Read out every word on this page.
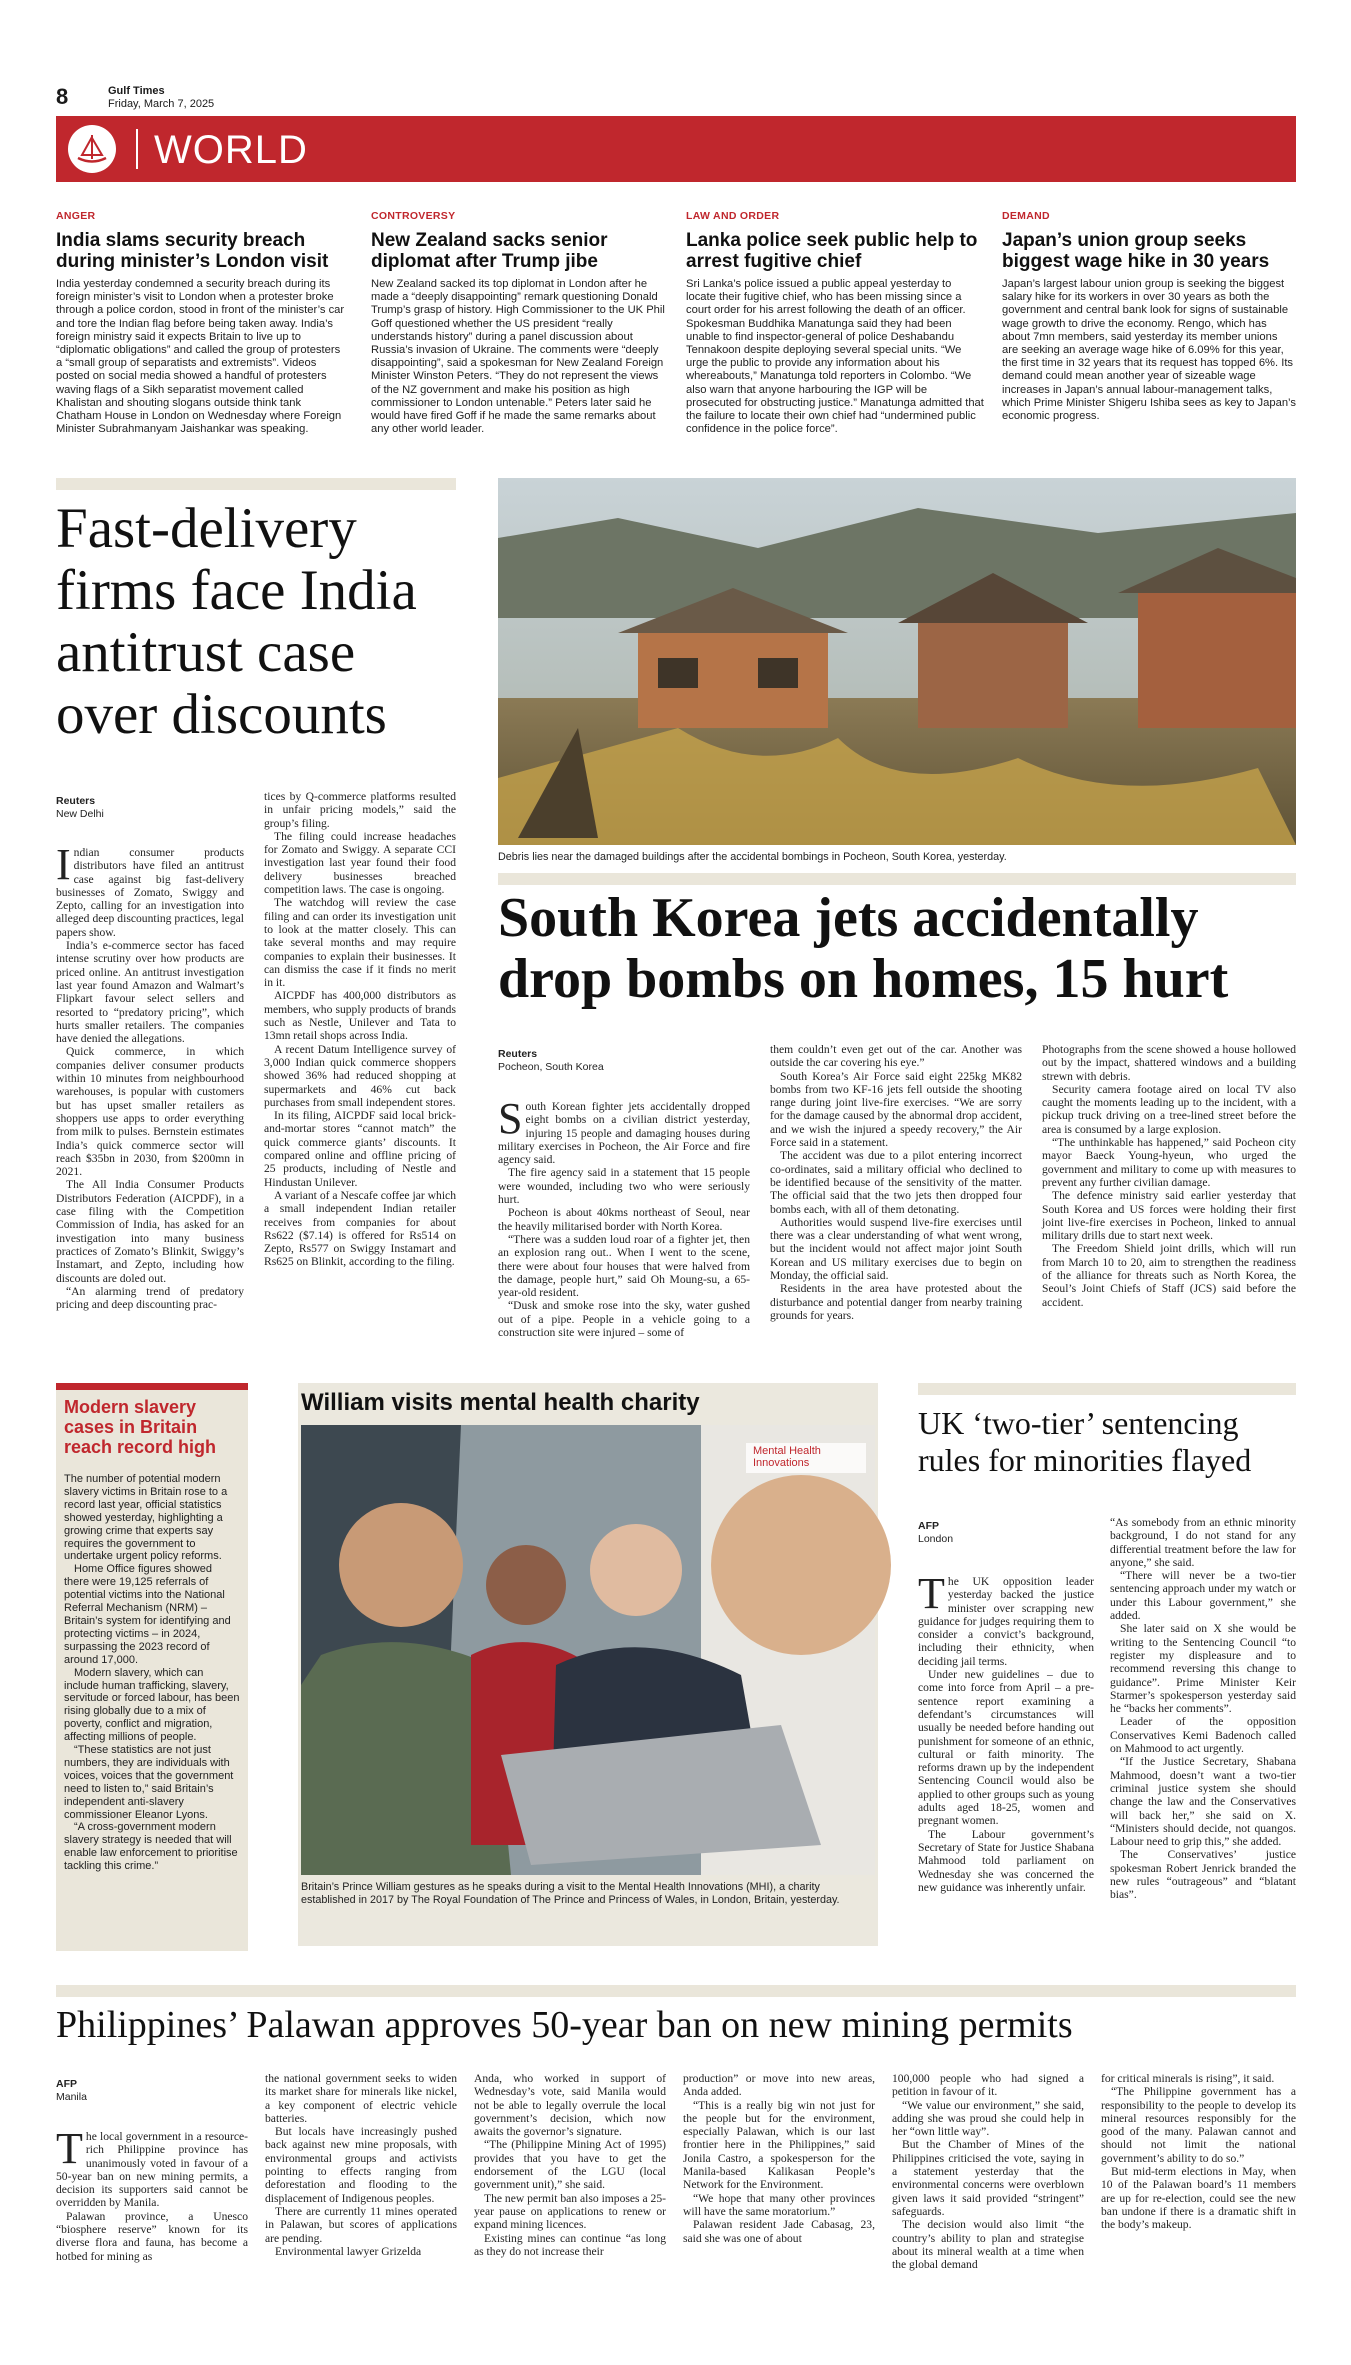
8	Gulf Times
Friday, March 7, 2025
WORLD
ANGER
India slams security breach during minister’s London visit
India yesterday condemned a security breach during its foreign minister’s visit to London when a protester broke through a police cordon, stood in front of the minister’s car and tore the Indian flag before being taken away. India’s foreign ministry said it expects Britain to live up to “diplomatic obligations” and called the group of protesters a “small group of separatists and extremists”. Videos posted on social media showed a handful of protesters waving flags of a Sikh separatist movement called Khalistan and shouting slogans outside think tank Chatham House in London on Wednesday where Foreign Minister Subrahmanyam Jaishankar was speaking.
CONTROVERSY
New Zealand sacks senior diplomat after Trump jibe
New Zealand sacked its top diplomat in London after he made a “deeply disappointing” remark questioning Donald Trump’s grasp of history. High Commissioner to the UK Phil Goff questioned whether the US president “really understands history” during a panel discussion about Russia’s invasion of Ukraine. The comments were “deeply disappointing”, said a spokesman for New Zealand Foreign Minister Winston Peters. “They do not represent the views of the NZ government and make his position as high commissioner to London untenable.” Peters later said he would have fired Goff if he made the same remarks about any other world leader.
LAW AND ORDER
Lanka police seek public help to arrest fugitive chief
Sri Lanka’s police issued a public appeal yesterday to locate their fugitive chief, who has been missing since a court order for his arrest following the death of an officer. Spokesman Buddhika Manatunga said they had been unable to find inspector-general of police Deshabandu Tennakoon despite deploying several special units. “We urge the public to provide any information about his whereabouts,” Manatunga told reporters in Colombo. “We also warn that anyone harbouring the IGP will be prosecuted for obstructing justice.” Manatunga admitted that the failure to locate their own chief had “undermined public confidence in the police force”.
DEMAND
Japan’s union group seeks biggest wage hike in 30 years
Japan’s largest labour union group is seeking the biggest salary hike for its workers in over 30 years as both the government and central bank look for signs of sustainable wage growth to drive the economy. Rengo, which has about 7mn members, said yesterday its member unions are seeking an average wage hike of 6.09% for this year, the first time in 32 years that its request has topped 6%. Its demand could mean another year of sizeable wage increases in Japan’s annual labour-management talks, which Prime Minister Shigeru Ishiba sees as key to Japan’s economic progress.
Fast-delivery firms face India antitrust case over discounts
Reuters
New Delhi

Indian consumer products distributors have filed an antitrust case against big fast-delivery businesses of Zomato, Swiggy and Zepto, calling for an investigation into alleged deep discounting practices, legal papers show.

India’s e-commerce sector has faced intense scrutiny over how products are priced online. An antitrust investigation last year found Amazon and Walmart’s Flipkart favour select sellers and resorted to “predatory pricing”, which hurts smaller retailers. The companies have denied the allegations.

Quick commerce, in which companies deliver consumer products within 10 minutes from neighbourhood warehouses, is popular with customers but has upset smaller retailers as shoppers use apps to order everything from milk to pulses. Bernstein estimates India’s quick commerce sector will reach $35bn in 2030, from $200mn in 2021.

The All India Consumer Products Distributors Federation (AICPDF), in a case filing with the Competition Commission of India, has asked for an investigation into many business practices of Zomato’s Blinkit, Swiggy’s Instamart, and Zepto, including how discounts are doled out.

“An alarming trend of predatory pricing and deep discounting prac-

tices by Q-commerce platforms resulted in unfair pricing models,” said the group’s filing.

The filing could increase headaches for Zomato and Swiggy. A separate CCI investigation last year found their food delivery businesses breached competition laws. The case is ongoing.

The watchdog will review the case filing and can order its investigation unit to look at the matter closely. This can take several months and may require companies to explain their businesses. It can dismiss the case if it finds no merit in it.

AICPDF has 400,000 distributors as members, who supply products of brands such as Nestle, Unilever and Tata to 13mn retail shops across India.

A recent Datum Intelligence survey of 3,000 Indian quick commerce shoppers showed 36% had reduced shopping at supermarkets and 46% cut back purchases from small independent stores.

In its filing, AICPDF said local brick-and-mortar stores “cannot match” the quick commerce giants’ discounts. It compared online and offline pricing of 25 products, including of Nestle and Hindustan Unilever.

A variant of a Nescafe coffee jar which a small independent Indian retailer receives from companies for about Rs622 ($7.14) is offered for Rs514 on Zepto, Rs577 on Swiggy Instamart and Rs625 on Blinkit, according to the filing.

Debris lies near the damaged buildings after the accidental bombings in Pocheon, South Korea, yesterday.
South Korea jets accidentally drop bombs on homes, 15 hurt
Reuters
Pocheon, South Korea

South Korean fighter jets accidentally dropped eight bombs on a civilian district yesterday, injuring 15 people and damaging houses during military exercises in Pocheon, the Air Force and fire agency said.

The fire agency said in a statement that 15 people were wounded, including two who were seriously hurt.

Pocheon is about 40kms northeast of Seoul, near the heavily militarised border with North Korea.

“There was a sudden loud roar of a fighter jet, then an explosion rang out.. When I went to the scene, there were about four houses that were halved from the damage, people hurt,” said Oh Moung-su, a 65-year-old resident.

“Dusk and smoke rose into the sky, water gushed out of a pipe. People in a vehicle going to a construction site were injured – some of

them couldn’t even get out of the car. Another was outside the car covering his eye.”

South Korea’s Air Force said eight 225kg MK82 bombs from two KF-16 jets fell outside the shooting range during joint live-fire exercises. “We are sorry for the damage caused by the abnormal drop accident, and we wish the injured a speedy recovery,” the Air Force said in a statement.

The accident was due to a pilot entering incorrect co-ordinates, said a military official who declined to be identified because of the sensitivity of the matter. The official said that the two jets then dropped four bombs each, with all of them detonating.

Authorities would suspend live-fire exercises until there was a clear understanding of what went wrong, but the incident would not affect major joint South Korean and US military exercises due to begin on Monday, the official said.

Residents in the area have protested about the disturbance and potential danger from nearby training grounds for years.

Photographs from the scene showed a house hollowed out by the impact, shattered windows and a building strewn with debris.

Security camera footage aired on local TV also caught the moments leading up to the incident, with a pickup truck driving on a tree-lined street before the area is consumed by a large explosion.

“The unthinkable has happened,” said Pocheon city mayor Baeck Young-hyeun, who urged the government and military to come up with measures to prevent any further civilian damage.

The defence ministry said earlier yesterday that South Korea and US forces were holding their first joint live-fire exercises in Pocheon, linked to annual military drills due to start next week.

The Freedom Shield joint drills, which will run from March 10 to 20, aim to strengthen the readiness of the alliance for threats such as North Korea, the Seoul’s Joint Chiefs of Staff (JCS) said before the accident.

Modern slavery cases in Britain reach record high

The number of potential modern slavery victims in Britain rose to a record last year, official statistics showed yesterday, highlighting a growing crime that experts say requires the government to undertake urgent policy reforms.

Home Office figures showed there were 19,125 referrals of potential victims into the National Referral Mechanism (NRM) – Britain’s system for identifying and protecting victims – in 2024, surpassing the 2023 record of around 17,000.

Modern slavery, which can include human trafficking, slavery, servitude or forced labour, has been rising globally due to a mix of poverty, conflict and migration, affecting millions of people.

“These statistics are not just numbers, they are individuals with voices, voices that the government need to listen to,” said Britain’s independent anti-slavery commissioner Eleanor Lyons.

“A cross-government modern slavery strategy is needed that will enable law enforcement to prioritise tackling this crime.”

William visits mental health charity
Mental Health Innovations
Britain’s Prince William gestures as he speaks during a visit to the Mental Health Innovations (MHI), a charity established in 2017 by The Royal Foundation of The Prince and Princess of Wales, in London, Britain, yesterday.
UK ‘two-tier’ sentencing rules for minorities flayed
AFP
London

The UK opposition leader yesterday backed the justice minister over scrapping new guidance for judges requiring them to consider a convict’s background, including their ethnicity, when deciding jail terms.

Under new guidelines – due to come into force from April – a pre-sentence report examining a defendant’s circumstances will usually be needed before handing out punishment for someone of an ethnic, cultural or faith minority. The reforms drawn up by the independent Sentencing Council would also be applied to other groups such as young adults aged 18-25, women and pregnant women.

The Labour government’s Secretary of State for Justice Shabana Mahmood told parliament on Wednesday she was concerned the new guidance was inherently unfair.

“As somebody from an ethnic minority background, I do not stand for any differential treatment before the law for anyone,” she said.

“There will never be a two-tier sentencing approach under my watch or under this Labour government,” she added.

She later said on X she would be writing to the Sentencing Council “to register my displeasure and to recommend reversing this change to guidance”. Prime Minister Keir Starmer’s spokesperson yesterday said he “backs her comments”.

Leader of the opposition Conservatives Kemi Badenoch called on Mahmood to act urgently.

“If the Justice Secretary, Shabana Mahmood, doesn’t want a two-tier criminal justice system she should change the law and the Conservatives will back her,” she said on X. “Ministers should decide, not quangos. Labour need to grip this,” she added.

The Conservatives’ justice spokesman Robert Jenrick branded the new rules “outrageous” and “blatant bias”.

Philippines’ Palawan approves 50-year ban on new mining permits
AFP
Manila

The local government in a resource-rich Philippine province has unanimously voted in favour of a 50-year ban on new mining permits, a decision its supporters said cannot be overridden by Manila.

Palawan province, a Unesco “biosphere reserve” known for its diverse flora and fauna, has become a hotbed for mining as

the national government seeks to widen its market share for minerals like nickel, a key component of electric vehicle batteries.

But locals have increasingly pushed back against new mine proposals, with environmental groups and activists pointing to effects ranging from deforestation and flooding to the displacement of Indigenous peoples.

There are currently 11 mines operated in Palawan, but scores of applications are pending.

Environmental lawyer Grizelda

Anda, who worked in support of Wednesday’s vote, said Manila would not be able to legally overrule the local government’s decision, which now awaits the governor’s signature.

“The (Philippine Mining Act of 1995) provides that you have to get the endorsement of the LGU (local government unit),” she said.

The new permit ban also imposes a 25-year pause on applications to renew or expand mining licences.

Existing mines can continue “as long as they do not increase their

production” or move into new areas, Anda added.

“This is a really big win not just for the people but for the environment, especially Palawan, which is our last frontier here in the Philippines,” said Jonila Castro, a spokesperson for the Manila-based Kalikasan People’s Network for the Environment.

“We hope that many other provinces will have the same moratorium.”

Palawan resident Jade Cabasag, 23, said she was one of about

100,000 people who had signed a petition in favour of it.

“We value our environment,” she said, adding she was proud she could help in her “own little way”.

But the Chamber of Mines of the Philippines criticised the vote, saying in a statement yesterday that the environmental concerns were overblown given laws it said provided “stringent” safeguards.

The decision would also limit “the country’s ability to plan and strategise about its mineral wealth at a time when the global demand

for critical minerals is rising”, it said.

“The Philippine government has a responsibility to the people to develop its mineral resources responsibly for the good of the many. Palawan cannot and should not limit the national government’s ability to do so.”

But mid-term elections in May, when 10 of the Palawan board’s 11 members are up for re-election, could see the new ban undone if there is a dramatic shift in the body’s makeup.
